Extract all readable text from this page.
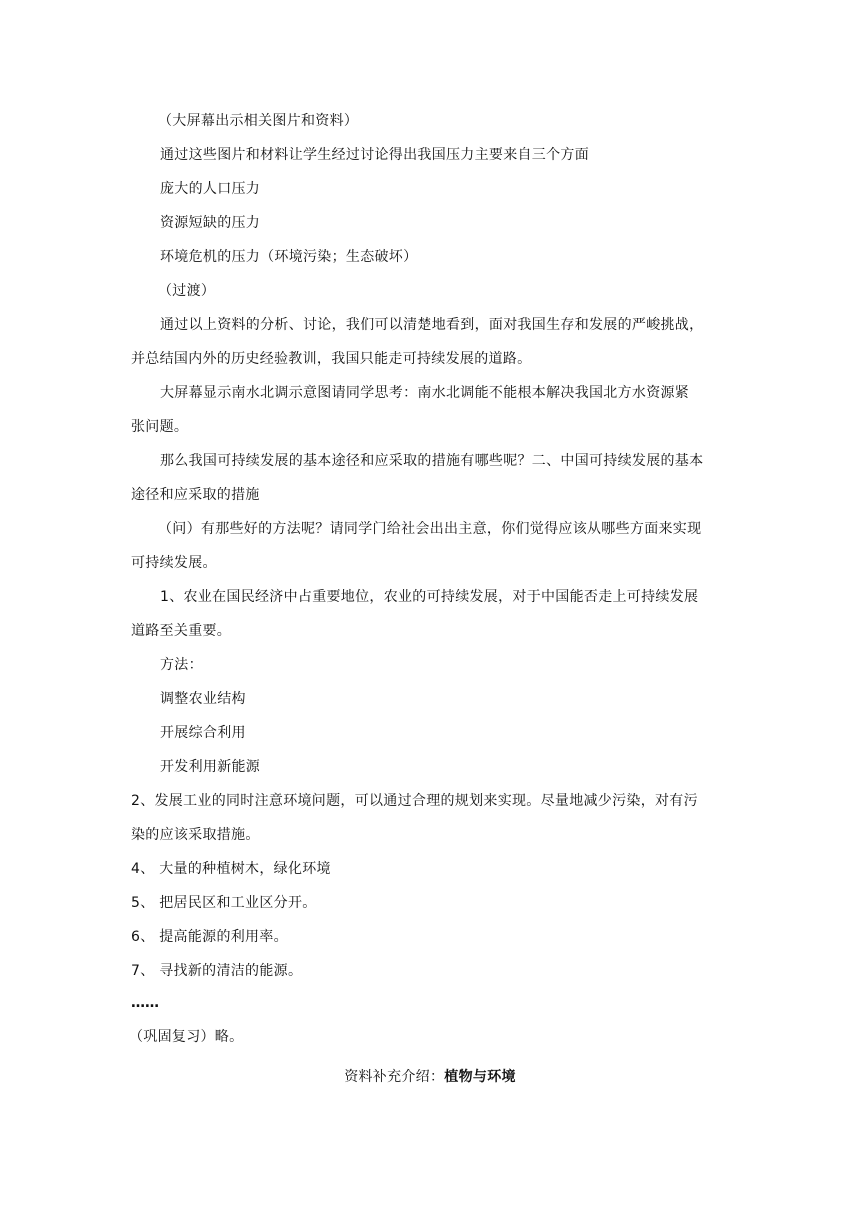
（大屏幕出示相关图片和资料）
通过这些图片和材料让学生经过讨论得出我国压力主要来自三个方面
庞大的人口压力
资源短缺的压力
环境危机的压力（环境污染；生态破坏）
（过渡）
通过以上资料的分析、讨论，我们可以清楚地看到，面对我国生存和发展的严峻挑战，
并总结国内外的历史经验教训，我国只能走可持续发展的道路。
大屏幕显示南水北调示意图请同学思考：南水北调能不能根本解决我国北方水资源紧
张问题。
那么我国可持续发展的基本途径和应采取的措施有哪些呢？二、中国可持续发展的基本
途径和应采取的措施
（问）有那些好的方法呢？请同学门给社会出出主意，你们觉得应该从哪些方面来实现
可持续发展。
1、农业在国民经济中占重要地位，农业的可持续发展，对于中国能否走上可持续发展
道路至关重要。
方法：
调整农业结构
开展综合利用
开发利用新能源
2、发展工业的同时注意环境问题，可以通过合理的规划来实现。尽量地减少污染，对有污
染的应该采取措施。
4、 大量的种植树木，绿化环境
5、 把居民区和工业区分开。
6、 提高能源的利用率。
7、 寻找新的清洁的能源。
……
（巩固复习）略。
资料补充介绍：植物与环境
